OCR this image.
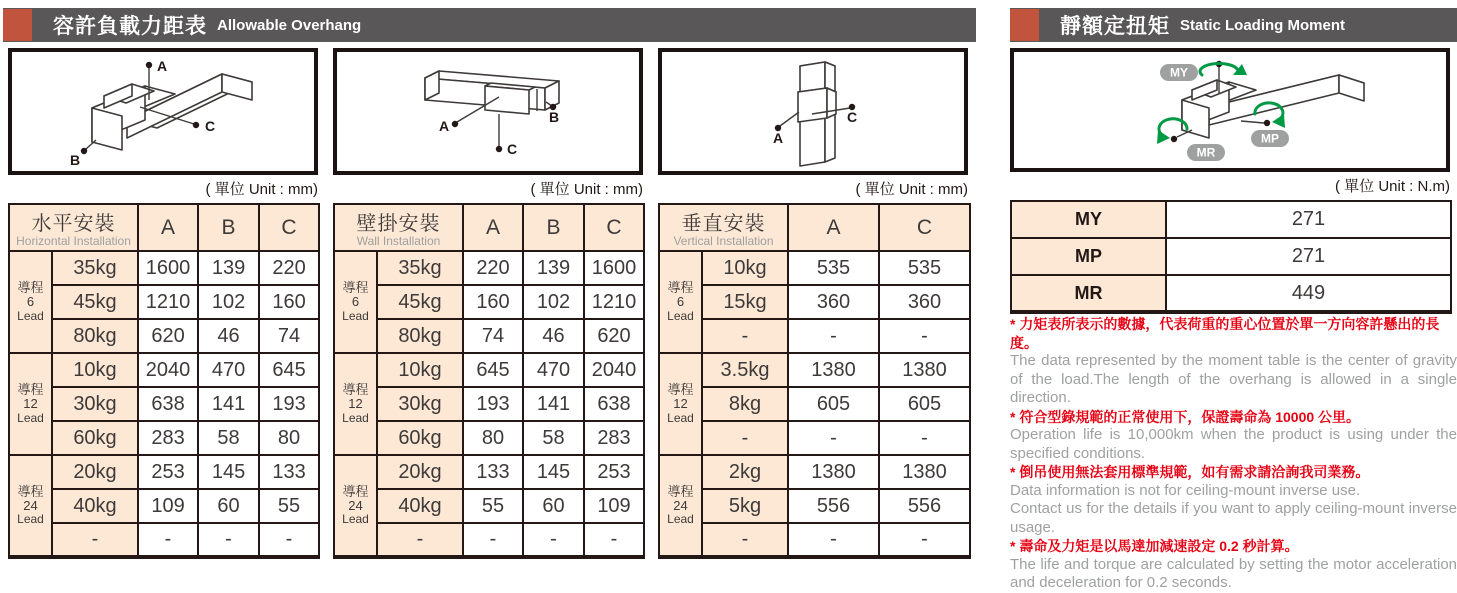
容許負載力距表 Allowable Overhang	靜額定扭矩 Static Loading Moment
A
C
B
A
B
C
A
C
MY
MP
MR
( 單位 Unit : mm)	( 單位 Unit : mm)	( 單位 Unit : mm)	( 單位 Unit : N.m)
水平安裝
Horizontal Installation		A	B	C

導程
6
Lead	35kg	1600	139	220
	45kg	1210	102	160
	80kg	620	46	74

導程
12
Lead	10kg	2040	470	645
	30kg	638	141	193
	60kg	283	58	80

導程
24
Lead	20kg	253	145	133
	40kg	109	60	55
	-	-	-	-
壁掛安裝
Wall Installation		A	B	C

導程
6
Lead	35kg	220	139	1600
	45kg	160	102	1210
	80kg	74	46	620

導程
12
Lead	10kg	645	470	2040
	30kg	193	141	638
	60kg	80	58	283

導程
24
Lead	20kg	133	145	253
	40kg	55	60	109
	-	-	-	-
垂直安裝
Vertical Installation		A	C

導程
6
Lead	10kg	535	535
	15kg	360	360
	-	-	-

導程
12
Lead	3.5kg	1380	1380
	8kg	605	605
	-	-	-

導程
24
Lead	2kg	1380	1380
	5kg	556	556
	-	-	-
MY	271
MP	271
MR	449
* 力矩表所表示的數據，代表荷重的重心位置於單一方向容許懸出的長度。
The data represented by the moment table is the center of gravity of the load.The length of the overhang is allowed in a single direction.
* 符合型錄規範的正常使用下，保證壽命為 10000 公里。
Operation life is 10,000km when the product is using under the specified conditions.
* 倒吊使用無法套用標準規範，如有需求請洽詢我司業務。
Data information is not for ceiling-mount inverse use.
Contact us for the details if you want to apply ceiling-mount inverse usage.
* 壽命及力矩是以馬達加減速設定 0.2 秒計算。
The life and torque are calculated by setting the motor acceleration and deceleration for 0.2 seconds.
